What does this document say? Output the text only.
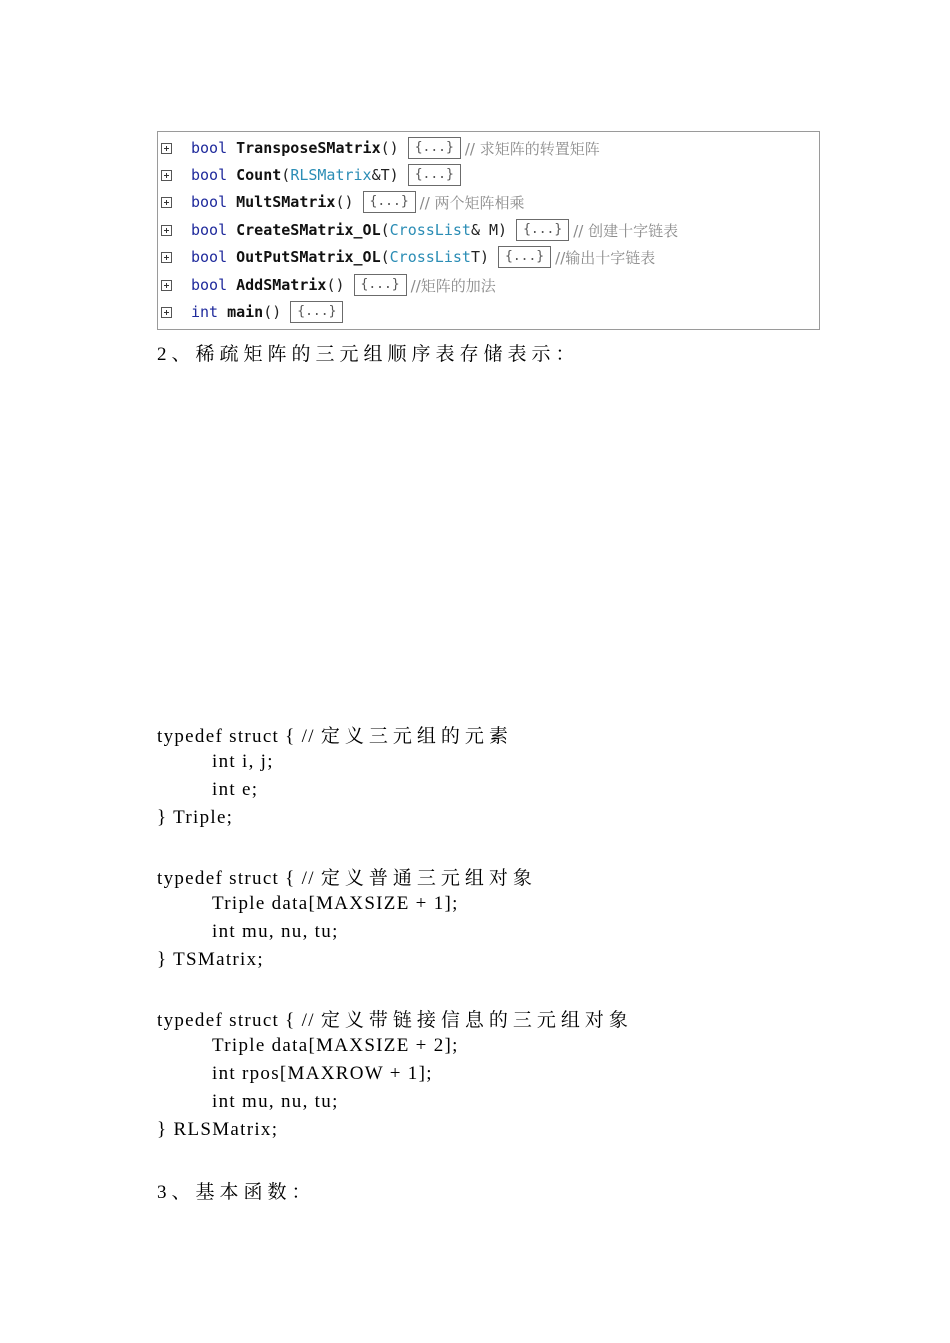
bool TransposeSMatrix ()	{...} // 求矩阵的转置矩阵
bool Count ( RLSMatrix &T )	{...}
bool MultSMatrix ()	{...} // 两个矩阵相乘
bool CreateSMatrix_OL ( CrossList & M )	{...} // 创建十字链表
bool OutPutSMatrix_OL ( CrossList T )	{...} //输出十字链表
bool AddSMatrix ()	{...} //矩阵的加法
int main ()	{...}
2、稀疏矩阵的三元组顺序表存储表示：
typedef struct { // 定义三元组的元素
int i, j;
int e;
} Triple;
typedef struct { // 定义普通三元组对象
Triple data[MAXSIZE + 1];
int mu, nu, tu;
} TSMatrix;
typedef struct { // 定义带链接信息的三元组对象
Triple data[MAXSIZE + 2];
int rpos[MAXROW + 1];
int mu, nu, tu;
} RLSMatrix;
3、基本函数：
